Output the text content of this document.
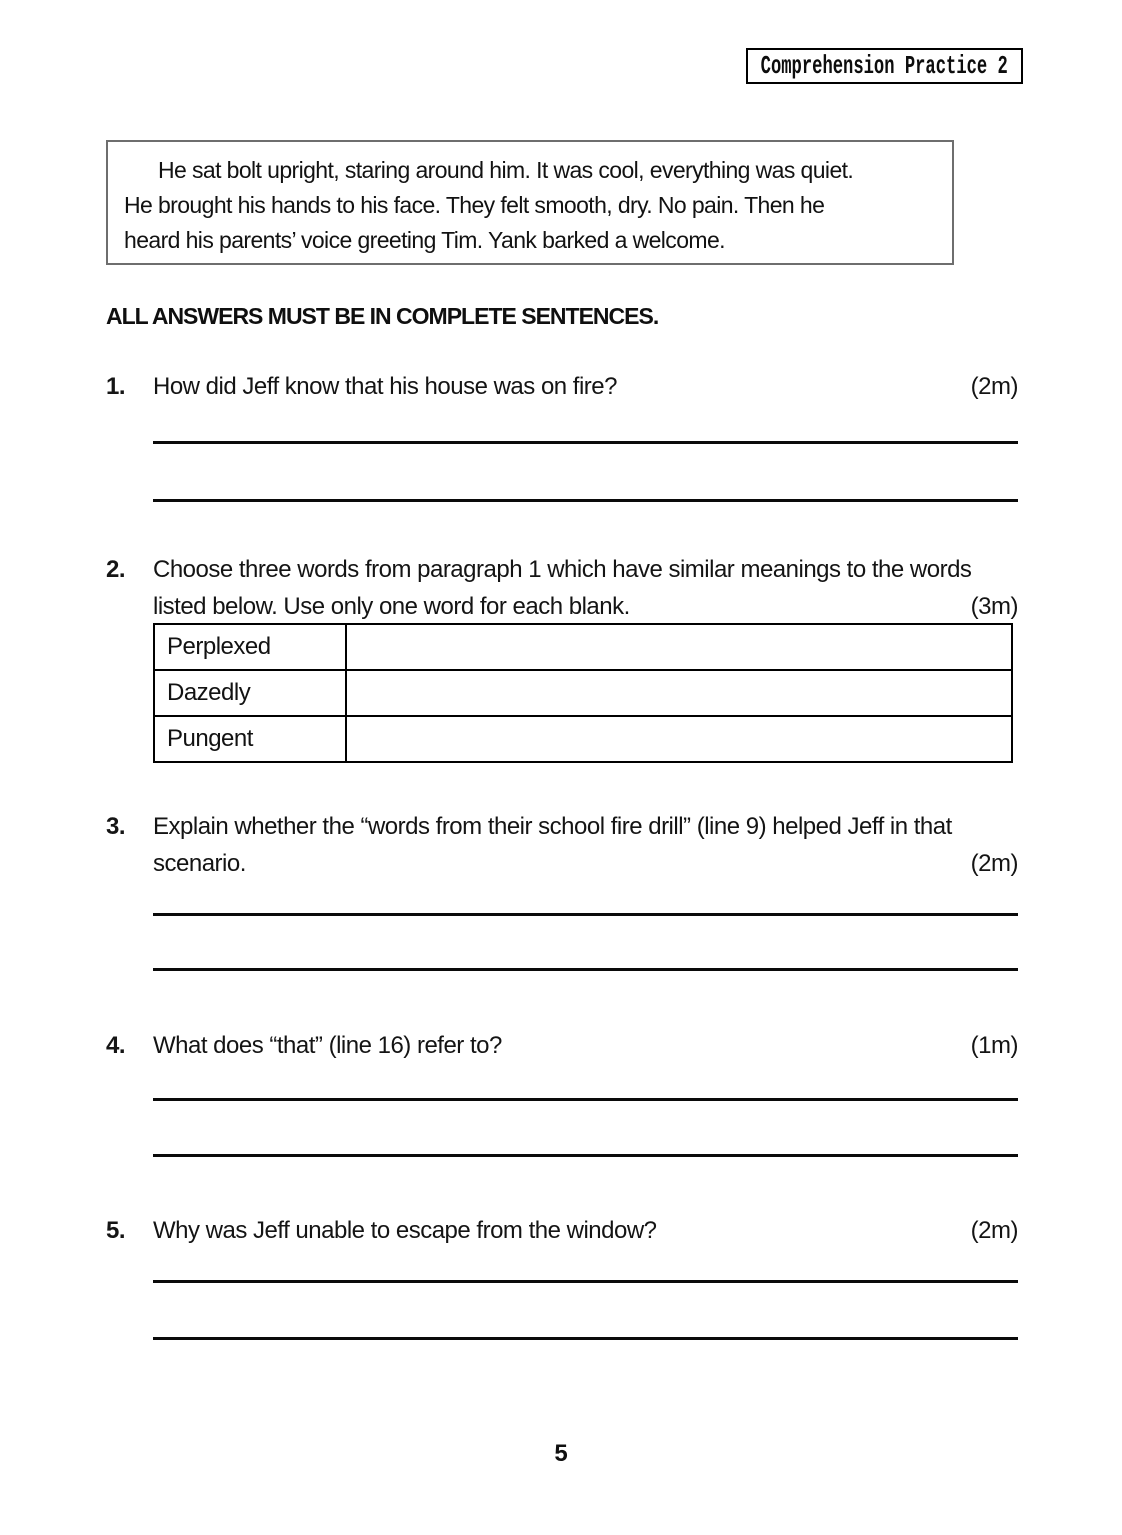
Comprehension Practice 2
He sat bolt upright, staring around him. It was cool, everything was quiet.
He brought his hands to his face. They felt smooth, dry. No pain. Then he
heard his parents’ voice greeting Tim. Yank barked a welcome.
ALL ANSWERS MUST BE IN COMPLETE SENTENCES.
1. How did Jeff know that his house was on fire?	(2m)
2. Choose three words from paragraph 1 which have similar meanings to the words
listed below. Use only one word for each blank.	(3m)
Perplexed	
Dazedly	
Pungent	
3. Explain whether the “words from their school fire drill” (line 9) helped Jeff in that
scenario.	(2m)
4. What does “that” (line 16) refer to?	(1m)
5. Why was Jeff unable to escape from the window?	(2m)
5
